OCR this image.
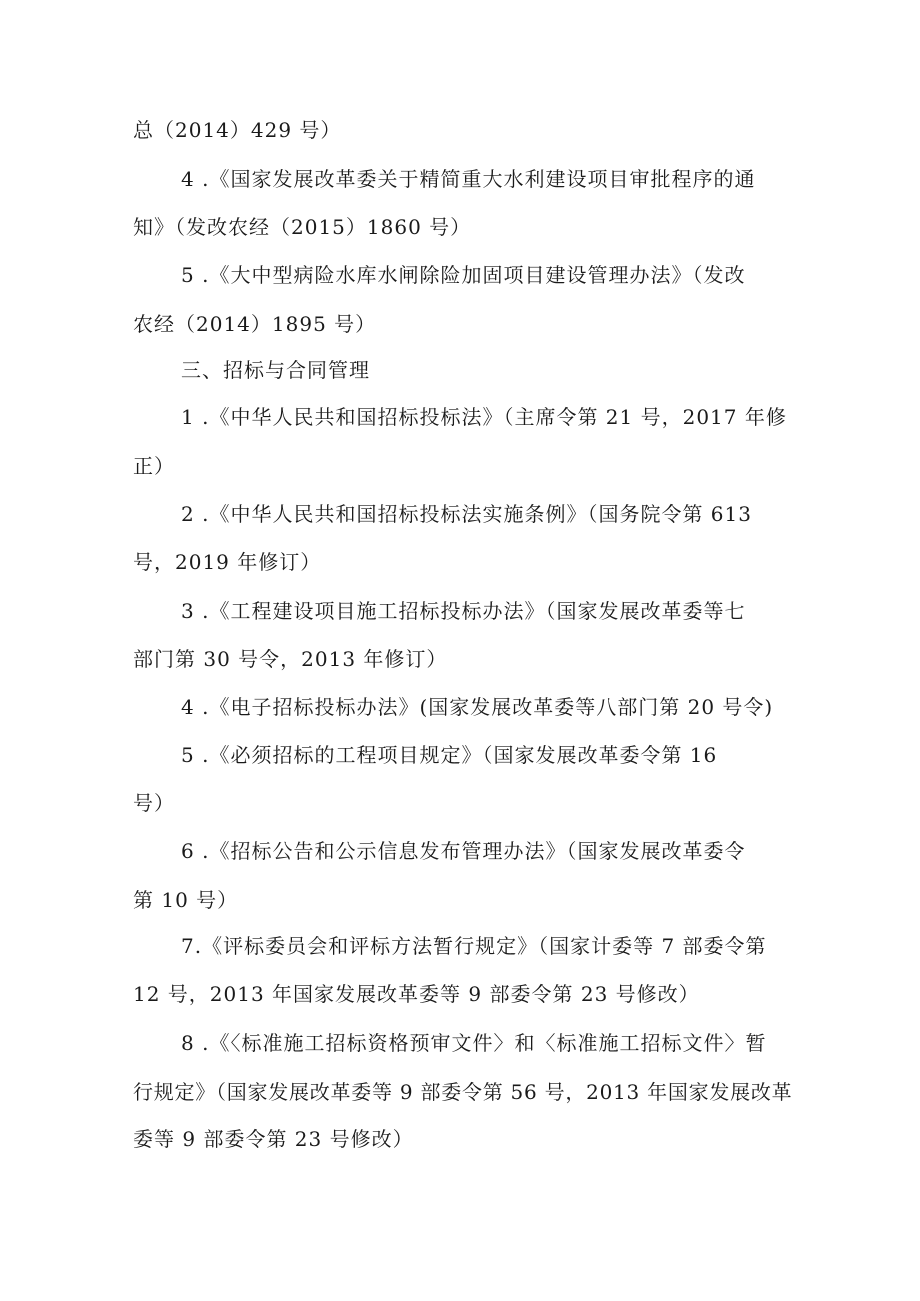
总（2014）429 号）
4 .《国家发展改革委关于精简重大水利建设项目审批程序的通
知》（发改农经（2015）1860 号）
5 .《大中型病险水库水闸除险加固项目建设管理办法》（发改
农经（2014）1895 号）
三、招标与合同管理
1 .《中华人民共和国招标投标法》（主席令第 21 号，2017 年修
正）
2 .《中华人民共和国招标投标法实施条例》（国务院令第 613
号，2019 年修订）
3 .《工程建设项目施工招标投标办法》（国家发展改革委等七
部门第 30 号令，2013 年修订）
4 .《电子招标投标办法》(国家发展改革委等八部门第 20 号令)
5 .《必须招标的工程项目规定》（国家发展改革委令第 16
号）
6 .《招标公告和公示信息发布管理办法》（国家发展改革委令
第 10 号）
7.《评标委员会和评标方法暂行规定》（国家计委等 7 部委令第
12 号，2013 年国家发展改革委等 9 部委令第 23 号修改）
8 .《〈标准施工招标资格预审文件〉和〈标准施工招标文件〉暂
行规定》（国家发展改革委等 9 部委令第 56 号，2013 年国家发展改革
委等 9 部委令第 23 号修改）
